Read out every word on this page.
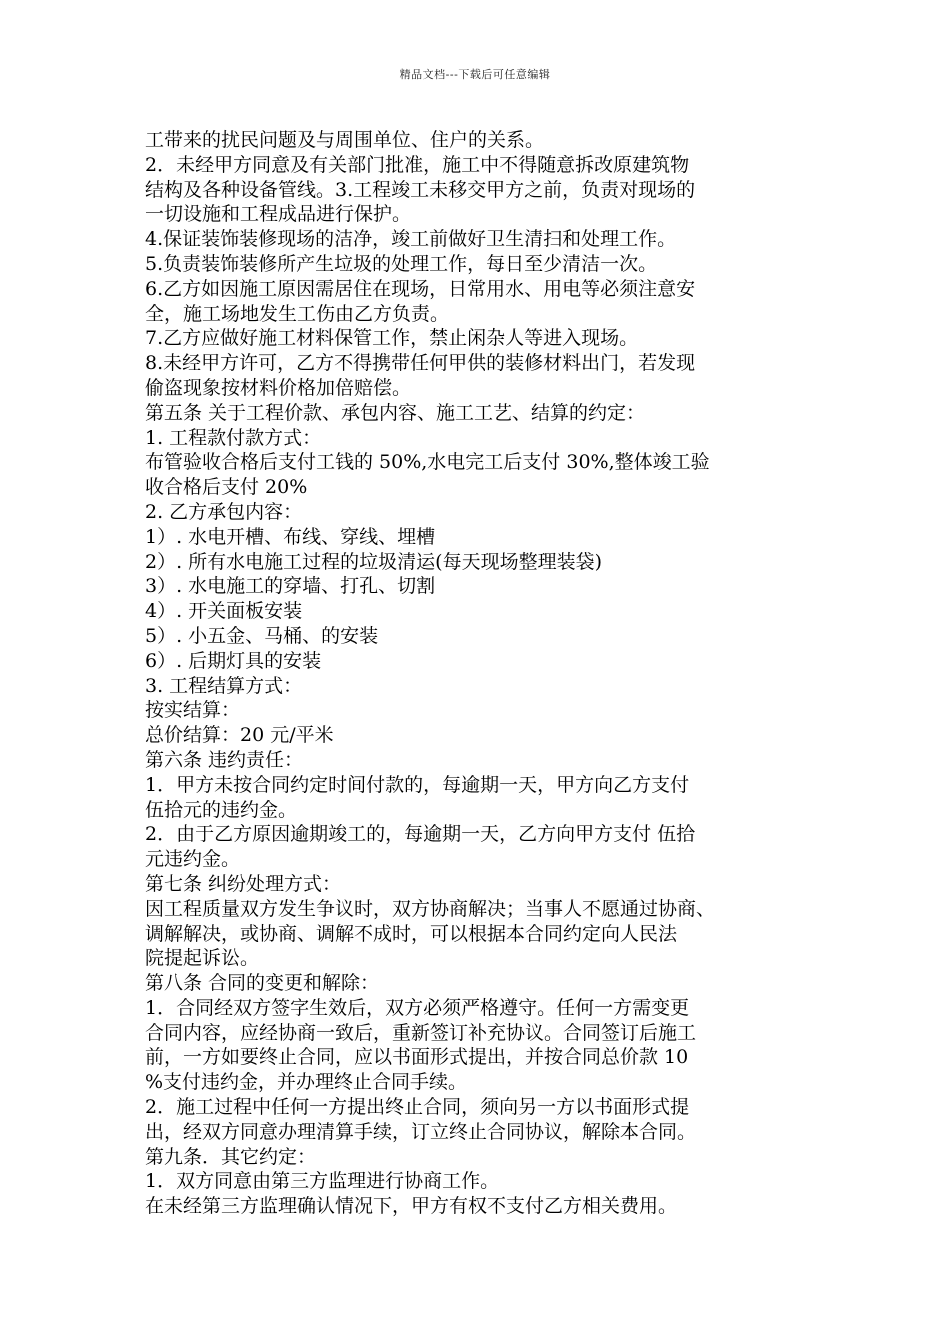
精品文档---下载后可任意编辑
工带来的扰民问题及与周围单位、住户的关系。
2．未经甲方同意及有关部门批准，施工中不得随意拆改原建筑物
结构及各种设备管线。3.工程竣工未移交甲方之前，负责对现场的
一切设施和工程成品进行保护。
4.保证装饰装修现场的洁净，竣工前做好卫生清扫和处理工作。
5.负责装饰装修所产生垃圾的处理工作，每日至少清洁一次。
6.乙方如因施工原因需居住在现场，日常用水、用电等必须注意安
全，施工场地发生工伤由乙方负责。
7.乙方应做好施工材料保管工作，禁止闲杂人等进入现场。
8.未经甲方许可，乙方不得携带任何甲供的装修材料出门，若发现
偷盗现象按材料价格加倍赔偿。
第五条 关于工程价款、承包内容、施工工艺、结算的约定：
1. 工程款付款方式：
布管验收合格后支付工钱的 50%,水电完工后支付 30%,整体竣工验
收合格后支付 20%
2. 乙方承包内容：
1）. 水电开槽、布线、穿线、埋槽
2）. 所有水电施工过程的垃圾清运(每天现场整理装袋)
3）. 水电施工的穿墙、打孔、切割
4）. 开关面板安装
5）. 小五金、马桶、的安装
6）. 后期灯具的安装
3. 工程结算方式：
按实结算：
总价结算：20 元/平米
第六条 违约责任：
1．甲方未按合同约定时间付款的，每逾期一天，甲方向乙方支付
伍拾元的违约金。
2．由于乙方原因逾期竣工的，每逾期一天，乙方向甲方支付 伍拾
元违约金。
第七条 纠纷处理方式：
因工程质量双方发生争议时，双方协商解决；当事人不愿通过协商、
调解解决，或协商、调解不成时，可以根据本合同约定向人民法
院提起诉讼。
第八条 合同的变更和解除：
1．合同经双方签字生效后，双方必须严格遵守。任何一方需变更
合同内容，应经协商一致后，重新签订补充协议。合同签订后施工
前，一方如要终止合同，应以书面形式提出，并按合同总价款 10
%支付违约金，并办理终止合同手续。
2．施工过程中任何一方提出终止合同，须向另一方以书面形式提
出，经双方同意办理清算手续，订立终止合同协议，解除本合同。
第九条．其它约定：
1．双方同意由第三方监理进行协商工作。
在未经第三方监理确认情况下，甲方有权不支付乙方相关费用。
